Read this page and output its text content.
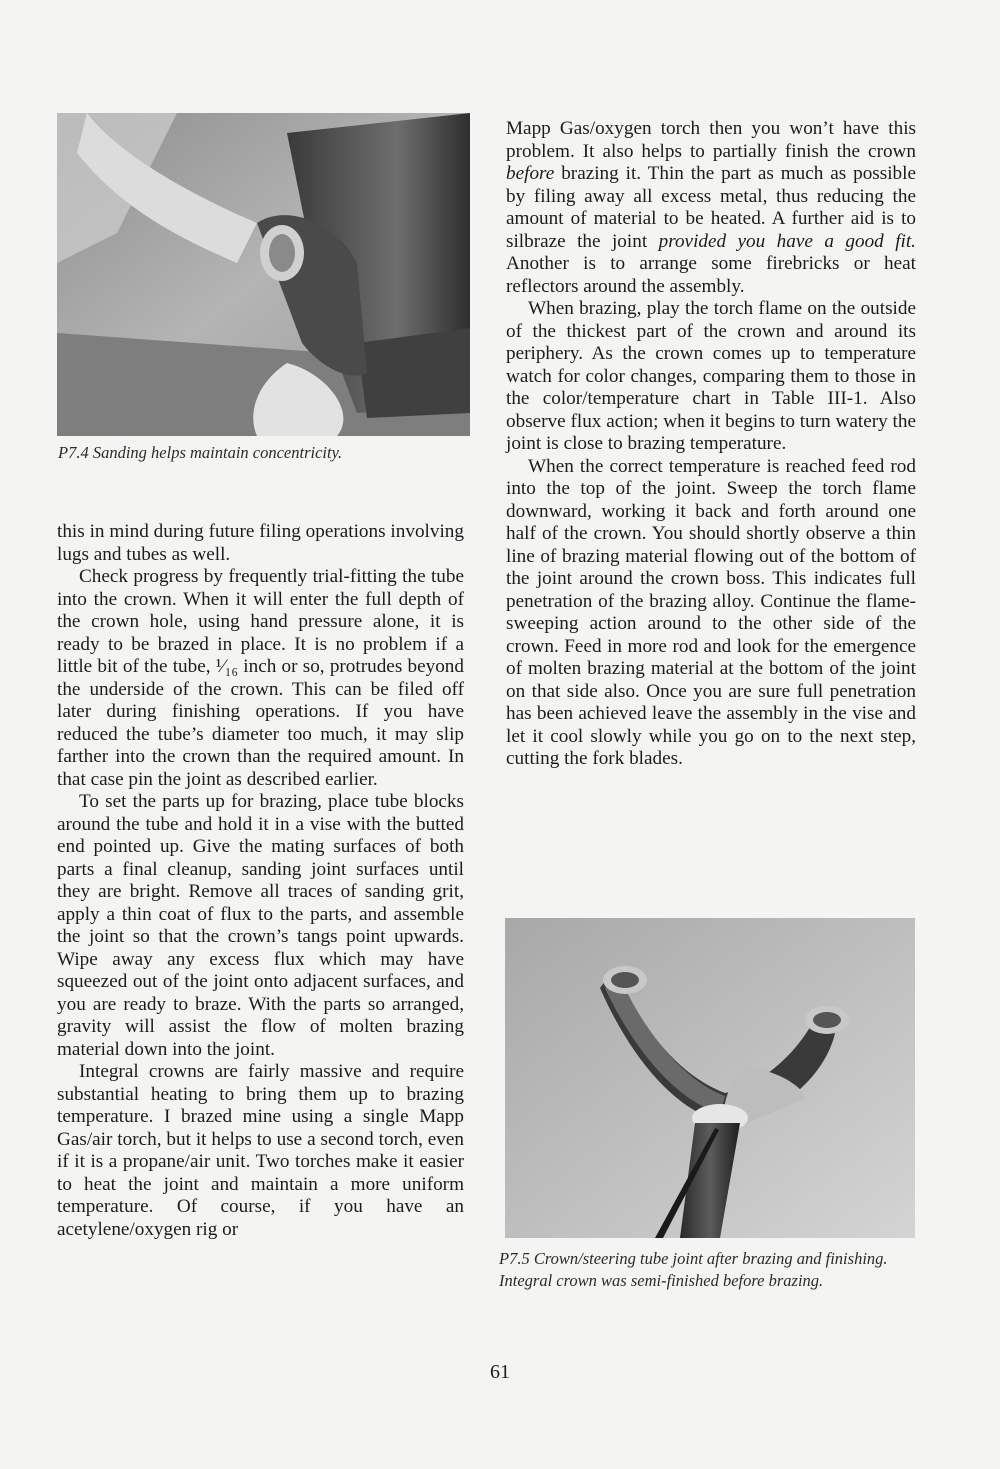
P7.4 Sanding helps maintain concentricity.

this in mind during future filing operations involving lugs and tubes as well.

Check progress by frequently trial-fitting the tube into the crown. When it will enter the full depth of the crown hole, using hand pressure alone, it is ready to be brazed in place. It is no problem if a little bit of the tube, ¹⁄₁₆ inch or so, protrudes beyond the underside of the crown. This can be filed off later during finishing operations. If you have reduced the tube’s diameter too much, it may slip farther into the crown than the required amount. In that case pin the joint as described earlier.

To set the parts up for brazing, place tube blocks around the tube and hold it in a vise with the butted end pointed up. Give the mating surfaces of both parts a final cleanup, sanding joint surfaces until they are bright. Remove all traces of sanding grit, apply a thin coat of flux to the parts, and assemble the joint so that the crown’s tangs point upwards. Wipe away any excess flux which may have squeezed out of the joint onto adjacent surfaces, and you are ready to braze. With the parts so arranged, gravity will assist the flow of molten brazing material down into the joint.

Integral crowns are fairly massive and require substantial heating to bring them up to brazing temperature. I brazed mine using a single Mapp Gas/air torch, but it helps to use a second torch, even if it is a propane/air unit. Two torches make it easier to heat the joint and maintain a more uniform temperature. Of course, if you have an acetylene/oxygen rig or

Mapp Gas/oxygen torch then you won’t have this problem. It also helps to partially finish the crown before brazing it. Thin the part as much as possible by filing away all excess metal, thus reducing the amount of material to be heated. A further aid is to silbraze the joint provided you have a good fit. Another is to arrange some firebricks or heat reflectors around the assembly.

When brazing, play the torch flame on the outside of the thickest part of the crown and around its periphery. As the crown comes up to temperature watch for color changes, comparing them to those in the color/temperature chart in Table III-1. Also observe flux action; when it begins to turn watery the joint is close to brazing temperature.

When the correct temperature is reached feed rod into the top of the joint. Sweep the torch flame downward, working it back and forth around one half of the crown. You should shortly observe a thin line of brazing material flowing out of the bottom of the joint around the crown boss. This indicates full penetration of the brazing alloy. Continue the flame-sweeping action around to the other side of the crown. Feed in more rod and look for the emergence of molten brazing material at the bottom of the joint on that side also. Once you are sure full penetration has been achieved leave the assembly in the vise and let it cool slowly while you go on to the next step, cutting the fork blades.

P7.5 Crown/steering tube joint after brazing and finishing. Integral crown was semi-finished before brazing.

61
